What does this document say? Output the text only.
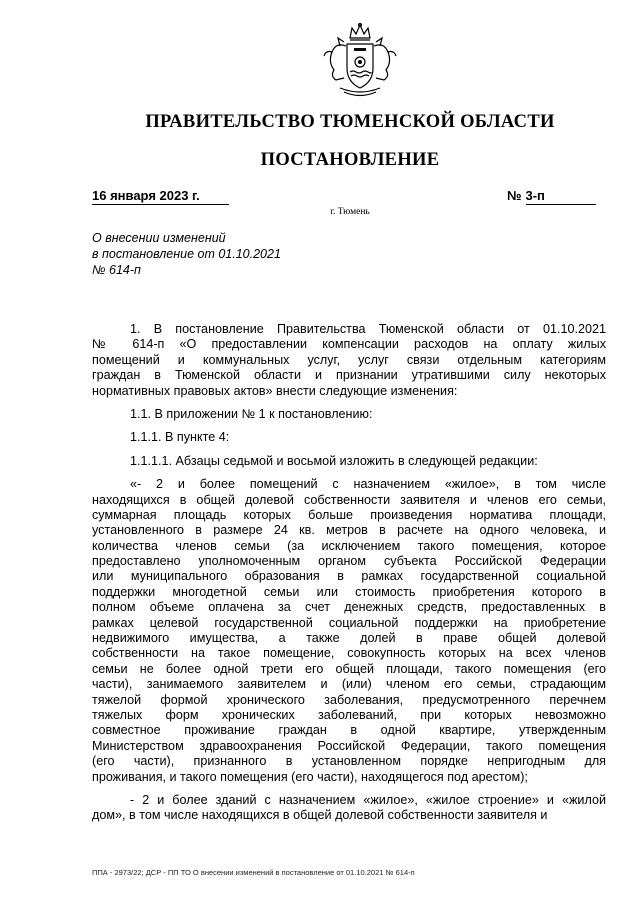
ПРАВИТЕЛЬСТВО ТЮМЕНСКОЙ ОБЛАСТИ
ПОСТАНОВЛЕНИЕ
16 января 2023 г.	№ 3-п
г. Тюмень
О внесении изменений
в постановление от 01.10.2021
№ 614-п
1. В постановление Правительства Тюменской области от 01.10.2021
№ 614-п «О предоставлении компенсации расходов на оплату жилых
помещений и коммунальных услуг, услуг связи отдельным категориям
граждан в Тюменской области и признании утратившими силу некоторых
нормативных правовых актов» внести следующие изменения:
1.1. В приложении № 1 к постановлению:
1.1.1. В пункте 4:
1.1.1.1. Абзацы седьмой и восьмой изложить в следующей редакции:
«- 2 и более помещений с назначением «жилое», в том числе
находящихся в общей долевой собственности заявителя и членов его семьи,
суммарная площадь которых больше произведения норматива площади,
установленного в размере 24 кв. метров в расчете на одного человека, и
количества членов семьи (за исключением такого помещения, которое
предоставлено уполномоченным органом субъекта Российской Федерации
или муниципального образования в рамках государственной социальной
поддержки многодетной семьи или стоимость приобретения которого в
полном объеме оплачена за счет денежных средств, предоставленных в
рамках целевой государственной социальной поддержки на приобретение
недвижимого имущества, а также долей в праве общей долевой
собственности на такое помещение, совокупность которых на всех членов
семьи не более одной трети его общей площади, такого помещения (его
части), занимаемого заявителем и (или) членом его семьи, страдающим
тяжелой формой хронического заболевания, предусмотренного перечнем
тяжелых форм хронических заболеваний, при которых невозможно
совместное проживание граждан в одной квартире, утвержденным
Министерством здравоохранения Российской Федерации, такого помещения
(его части), признанного в установленном порядке непригодным для
проживания, и такого помещения (его части), находящегося под арестом);
- 2 и более зданий с назначением «жилое», «жилое строение» и «жилой
дом», в том числе находящихся в общей долевой собственности заявителя и
ППА - 2973/22; ДСР - ПП ТО О внесении изменений в постановление от 01.10.2021 № 614-п
